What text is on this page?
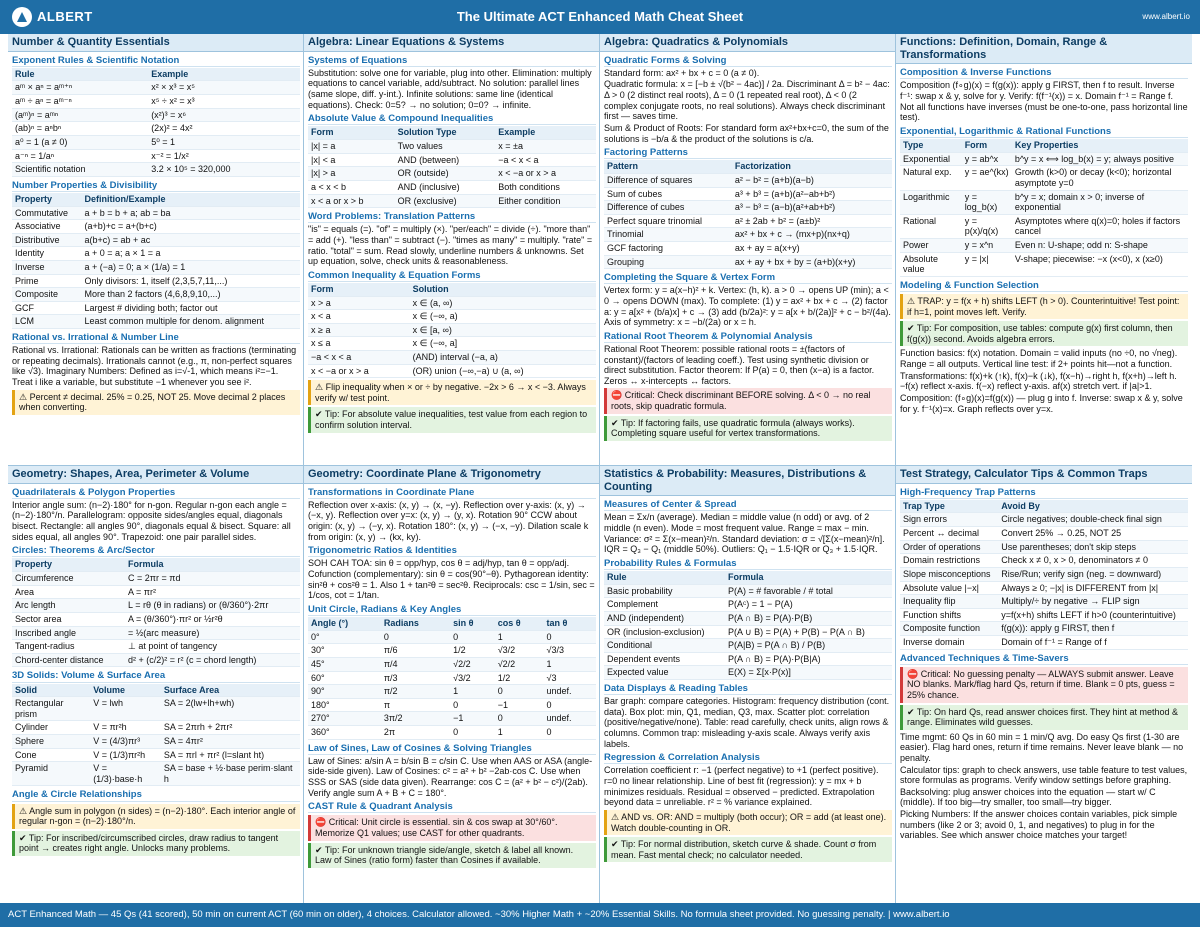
ALBERT	The Ultimate ACT Enhanced Math Cheat Sheet	www.albert.io
Number & Quantity Essentials
Exponent Rules & Scientific Notation
Rule	Example
aᵐ × aⁿ = aᵐ⁺ⁿ	x² × x³ = x⁵
aᵐ ÷ aⁿ = aᵐ⁻ⁿ	x⁵ ÷ x² = x³
(aᵐ)ⁿ = aᵐⁿ	(x²)³ = x⁶
(ab)ⁿ = aⁿbⁿ	(2x)² = 4x²
a⁰ = 1 (a ≠ 0)	5⁰ = 1
a⁻ⁿ = 1/aⁿ	x⁻² = 1/x²
Scientific notation	3.2 × 10⁵ = 320,000
Number Properties & Divisibility
Property	Definition/Example
Commutative	a + b = b + a; ab = ba
Associative	(a+b)+c = a+(b+c)
Distributive	a(b+c) = ab + ac
Identity	a + 0 = a; a × 1 = a
Inverse	a + (−a) = 0; a × (1/a) = 1
Prime	Only divisors: 1, itself (2,3,5,7,11,...)
Composite	More than 2 factors (4,6,8,9,10,...)
GCF	Largest # dividing both; factor out
LCM	Least common multiple for denom. alignment
Rational vs. Irrational & Number Line
Rational vs. Irrational: Rationals can be written as fractions (terminating or repeating decimals). Irrationals cannot (e.g., π, non-perfect squares like √3). Imaginary Numbers: Defined as i=√-1, which means i²=−1. Treat i like a variable, but substitute −1 whenever you see i².
⚠ Percent ≠ decimal. 25% = 0.25, NOT 25. Move decimal 2 places when converting.
Algebra: Linear Equations & Systems
Systems of Equations
Substitution: solve one for variable, plug into other. Elimination: multiply equations to cancel variable, add/subtract. No solution: parallel lines (same slope, diff. y-int.). Infinite solutions: same line (identical equations). Check: 0=5? → no solution; 0=0? → infinite.
Absolute Value & Compound Inequalities
Form	Solution Type	Example
|x| = a	Two values	x = ±a
|x| < a	AND (between)	−a < x < a
|x| > a	OR (outside)	x < −a or x > a
a < x < b	AND (inclusive)	Both conditions
x < a or x > b	OR (exclusive)	Either condition
Word Problems: Translation Patterns
"is" = equals (=). "of" = multiply (×). "per/each" = divide (÷). "more than" = add (+). "less than" = subtract (−). "times as many" = multiply. "rate" = ratio. "total" = sum. Read slowly, underline numbers & unknowns. Set up equation, solve, check units & reasonableness.
Common Inequality & Equation Forms
Form	Solution
x > a	x ∈ (a, ∞)
x < a	x ∈ (−∞, a)
x ≥ a	x ∈ [a, ∞)
x ≤ a	x ∈ (−∞, a]
−a < x < a	(AND) interval (−a, a)
x < −a or x > a	(OR) union (−∞,−a) ∪ (a, ∞)
⚠ Flip inequality when × or ÷ by negative. −2x > 6 → x < −3. Always verify w/ test point.
✔ Tip: For absolute value inequalities, test value from each region to confirm solution interval.
Algebra: Quadratics & Polynomials
Quadratic Forms & Solving
Standard form: ax² + bx + c = 0 (a ≠ 0).
Quadratic formula: x = [−b ± √(b² − 4ac)] / 2a. Discriminant Δ = b² − 4ac: Δ > 0 (2 distinct real roots), Δ = 0 (1 repeated real root), Δ < 0 (2 complex conjugate roots, no real solutions). Always check discriminant first — saves time.
Sum & Product of Roots: For standard form ax²+bx+c=0, the sum of the solutions is −b/a & the product of the solutions is c/a.
Factoring Patterns
Pattern	Factorization
Difference of squares	a² − b² = (a+b)(a−b)
Sum of cubes	a³ + b³ = (a+b)(a²−ab+b²)
Difference of cubes	a³ − b³ = (a−b)(a²+ab+b²)
Perfect square trinomial	a² ± 2ab + b² = (a±b)²
Trinomial	ax² + bx + c → (mx+p)(nx+q)
GCF factoring	ax + ay = a(x+y)
Grouping	ax + ay + bx + by = (a+b)(x+y)
Completing the Square & Vertex Form
Vertex form: y = a(x−h)² + k. Vertex: (h, k). a > 0 → opens UP (min); a < 0 → opens DOWN (max). To complete: (1) y = ax² + bx + c → (2) factor a: y = a[x² + (b/a)x] + c → (3) add (b/2a)²: y = a[x + b/(2a)]² + c − b²/(4a). Axis of symmetry: x = −b/(2a) or x = h.
Rational Root Theorem & Polynomial Analysis
Rational Root Theorem: possible rational roots = ±(factors of constant)/(factors of leading coeff.). Test using synthetic division or direct substitution. Factor theorem: If P(a) = 0, then (x−a) is a factor. Zeros ↔ x-intercepts ↔ factors.
⛔ Critical: Check discriminant BEFORE solving. Δ < 0 → no real roots, skip quadratic formula.
✔ Tip: If factoring fails, use quadratic formula (always works). Completing square useful for vertex transformations.
Functions: Definition, Domain, Range & Transformations
Composition & Inverse Functions
Composition (f∘g)(x) = f(g(x)): apply g FIRST, then f to result. Inverse f⁻¹: swap x & y, solve for y. Verify: f(f⁻¹(x)) = x. Domain f⁻¹ = Range f. Not all functions have inverses (must be one-to-one, pass horizontal line test).
Exponential, Logarithmic & Rational Functions
Type	Form	Key Properties
Exponential	y = ab^x	b^y = x ⟺ log_b(x) = y; always positive
Natural exp.	y = ae^(kx)	Growth (k>0) or decay (k<0); horizontal asymptote y=0
Logarithmic	y = log_b(x)	b^y = x; domain x > 0; inverse of exponential
Rational	y = p(x)/q(x)	Asymptotes where q(x)=0; holes if factors cancel
Power	y = x^n	Even n: U-shape; odd n: S-shape
Absolute value	y = |x|	V-shape; piecewise: −x (x<0), x (x≥0)
Modeling & Function Selection
⚠ TRAP: y = f(x + h) shifts LEFT (h > 0). Counterintuitive! Test point: if h=1, point moves left. Verify.
✔ Tip: For composition, use tables: compute g(x) first column, then f(g(x)) second. Avoids algebra errors.
Function basics: f(x) notation. Domain = valid inputs (no ÷0, no √neg). Range = all outputs. Vertical line test: if 2+ points hit—not a function.
Transformations: f(x)+k (↑k), f(x)−k (↓k), f(x−h)→right h, f(x+h)→left h. −f(x) reflect x-axis. f(−x) reflect y-axis. af(x) stretch vert. if |a|>1.
Composition: (f∘g)(x)=f(g(x)) — plug g into f. Inverse: swap x & y, solve for y. f⁻¹(x)=x. Graph reflects over y=x.
Geometry: Shapes, Area, Perimeter & Volume
Quadrilaterals & Polygon Properties
Interior angle sum: (n−2)·180° for n-gon. Regular n-gon each angle = (n−2)·180°/n. Parallelogram: opposite sides/angles equal, diagonals bisect. Rectangle: all angles 90°, diagonals equal & bisect. Square: all sides equal, all angles 90°. Trapezoid: one pair parallel sides.
Circles: Theorems & Arc/Sector
Property	Formula
Circumference	C = 2πr = πd
Area	A = πr²
Arc length	L = rθ (θ in radians) or (θ/360°)·2πr
Sector area	A = (θ/360°)·πr² or ½r²θ
Inscribed angle	= ½(arc measure)
Tangent-radius	⊥ at point of tangency
Chord-center distance	d² + (c/2)² = r² (c = chord length)
3D Solids: Volume & Surface Area
Solid	Volume	Surface Area
Rectangular prism	V = lwh	SA = 2(lw+lh+wh)
Cylinder	V = πr²h	SA = 2πrh + 2πr²
Sphere	V = (4/3)πr³	SA = 4πr²
Cone	V = (1/3)πr²h	SA = πrl + πr² (l=slant ht)
Pyramid	V = (1/3)·base·h	SA = base + ½·base perim·slant h
Angle & Circle Relationships
⚠ Angle sum in polygon (n sides) = (n−2)·180°. Each interior angle of regular n-gon = (n−2)·180°/n.
✔ Tip: For inscribed/circumscribed circles, draw radius to tangent point → creates right angle. Unlocks many problems.
Geometry: Coordinate Plane & Trigonometry
Transformations in Coordinate Plane
Reflection over x-axis: (x, y) → (x, −y). Reflection over y-axis: (x, y) → (−x, y). Reflection over y=x: (x, y) → (y, x). Rotation 90° CCW about origin: (x, y) → (−y, x). Rotation 180°: (x, y) → (−x, −y). Dilation scale k from origin: (x, y) → (kx, ky).
Trigonometric Ratios & Identities
SOH CAH TOA: sin θ = opp/hyp, cos θ = adj/hyp, tan θ = opp/adj. Cofunction (complementary): sin θ = cos(90°−θ). Pythagorean identity: sin²θ + cos²θ = 1. Also 1 + tan²θ = sec²θ. Reciprocals: csc = 1/sin, sec = 1/cos, cot = 1/tan.
Unit Circle, Radians & Key Angles
Angle (°)	Radians	sin θ	cos θ	tan θ
0°	0	0	1	0
30°	π/6	1/2	√3/2	√3/3
45°	π/4	√2/2	√2/2	1
60°	π/3	√3/2	1/2	√3
90°	π/2	1	0	undef.
180°	π	0	−1	0
270°	3π/2	−1	0	undef.
360°	2π	0	1	0
Law of Sines, Law of Cosines & Solving Triangles
Law of Sines: a/sin A = b/sin B = c/sin C. Use when AAS or ASA (angle-side-side given). Law of Cosines: c² = a² + b² −2ab·cos C. Use when SSS or SAS (side data given). Rearrange: cos C = (a² + b² − c²)/(2ab). Verify angle sum A + B + C = 180°.
CAST Rule & Quadrant Analysis
⛔ Critical: Unit circle is essential. sin & cos swap at 30°/60°. Memorize Q1 values; use CAST for other quadrants.
✔ Tip: For unknown triangle side/angle, sketch & label all known. Law of Sines (ratio form) faster than Cosines if available.
Statistics & Probability: Measures, Distributions & Counting
Measures of Center & Spread
Mean = Σx/n (average). Median = middle value (n odd) or avg. of 2 middle (n even). Mode = most frequent value. Range = max − min. Variance: σ² = Σ(x−mean)²/n. Standard deviation: σ = √[Σ(x−mean)²/n]. IQR = Q₃ − Q₁ (middle 50%). Outliers: Q₁ − 1.5·IQR or Q₃ + 1.5·IQR.
Probability Rules & Formulas
Rule	Formula
Basic probability	P(A) = # favorable / # total
Complement	P(Aᶜ) = 1 − P(A)
AND (independent)	P(A ∩ B) = P(A)·P(B)
OR (inclusion-exclusion)	P(A ∪ B) = P(A) + P(B) − P(A ∩ B)
Conditional	P(A|B) = P(A ∩ B) / P(B)
Dependent events	P(A ∩ B) = P(A)·P(B|A)
Expected value	E(X) = Σ[x·P(x)]
Data Displays & Reading Tables
Bar graph: compare categories. Histogram: frequency distribution (cont. data). Box plot: min, Q1, median, Q3, max. Scatter plot: correlation (positive/negative/none). Table: read carefully, check units, align rows & columns. Common trap: misleading y-axis scale. Always verify axis labels.
Regression & Correlation Analysis
Correlation coefficient r: −1 (perfect negative) to +1 (perfect positive). r=0 no linear relationship. Line of best fit (regression): y = mx + b minimizes residuals. Residual = observed − predicted. Extrapolation beyond data = unreliable. r² = % variance explained.
⚠ AND vs. OR: AND = multiply (both occur); OR = add (at least one). Watch double-counting in OR.
✔ Tip: For normal distribution, sketch curve & shade. Count σ from mean. Fast mental check; no calculator needed.
Test Strategy, Calculator Tips & Common Traps
High-Frequency Trap Patterns
Trap Type	Avoid By
Sign errors	Circle negatives; double-check final sign
Percent ↔ decimal	Convert 25% → 0.25, NOT 25
Order of operations	Use parentheses; don't skip steps
Domain restrictions	Check x ≠ 0, x > 0, denominators ≠ 0
Slope misconceptions	Rise/Run; verify sign (neg. = downward)
Absolute value |−x|	Always ≥ 0; −|x| is DIFFERENT from |x|
Inequality flip	Multiply/÷ by negative → FLIP sign
Function shifts	y=f(x+h) shifts LEFT if h>0 (counterintuitive)
Composite function	f(g(x)): apply g FIRST, then f
Inverse domain	Domain of f⁻¹ = Range of f
Advanced Techniques & Time-Savers
⛔ Critical: No guessing penalty — ALWAYS submit answer. Leave NO blanks. Mark/flag hard Qs, return if time. Blank = 0 pts, guess = 25% chance.
✔ Tip: On hard Qs, read answer choices first. They hint at method & range. Eliminates wild guesses.
Time mgmt: 60 Qs in 60 min = 1 min/Q avg. Do easy Qs first (1-30 are easier). Flag hard ones, return if time remains. Never leave blank — no penalty.
Calculator tips: graph to check answers, use table feature to test values, store formulas as programs. Verify window settings before graphing.
Backsolving: plug answer choices into the equation — start w/ C (middle). If too big—try smaller, too small—try bigger.
Picking Numbers: If the answer choices contain variables, pick simple numbers (like 2 or 3; avoid 0, 1, and negatives) to plug in for the variables. See which answer choice matches your target!
ACT Enhanced Math — 45 Qs (41 scored), 50 min on current ACT (60 min on older), 4 choices. Calculator allowed. ~30% Higher Math + ~20% Essential Skills. No formula sheet provided. No guessing penalty. | www.albert.io
